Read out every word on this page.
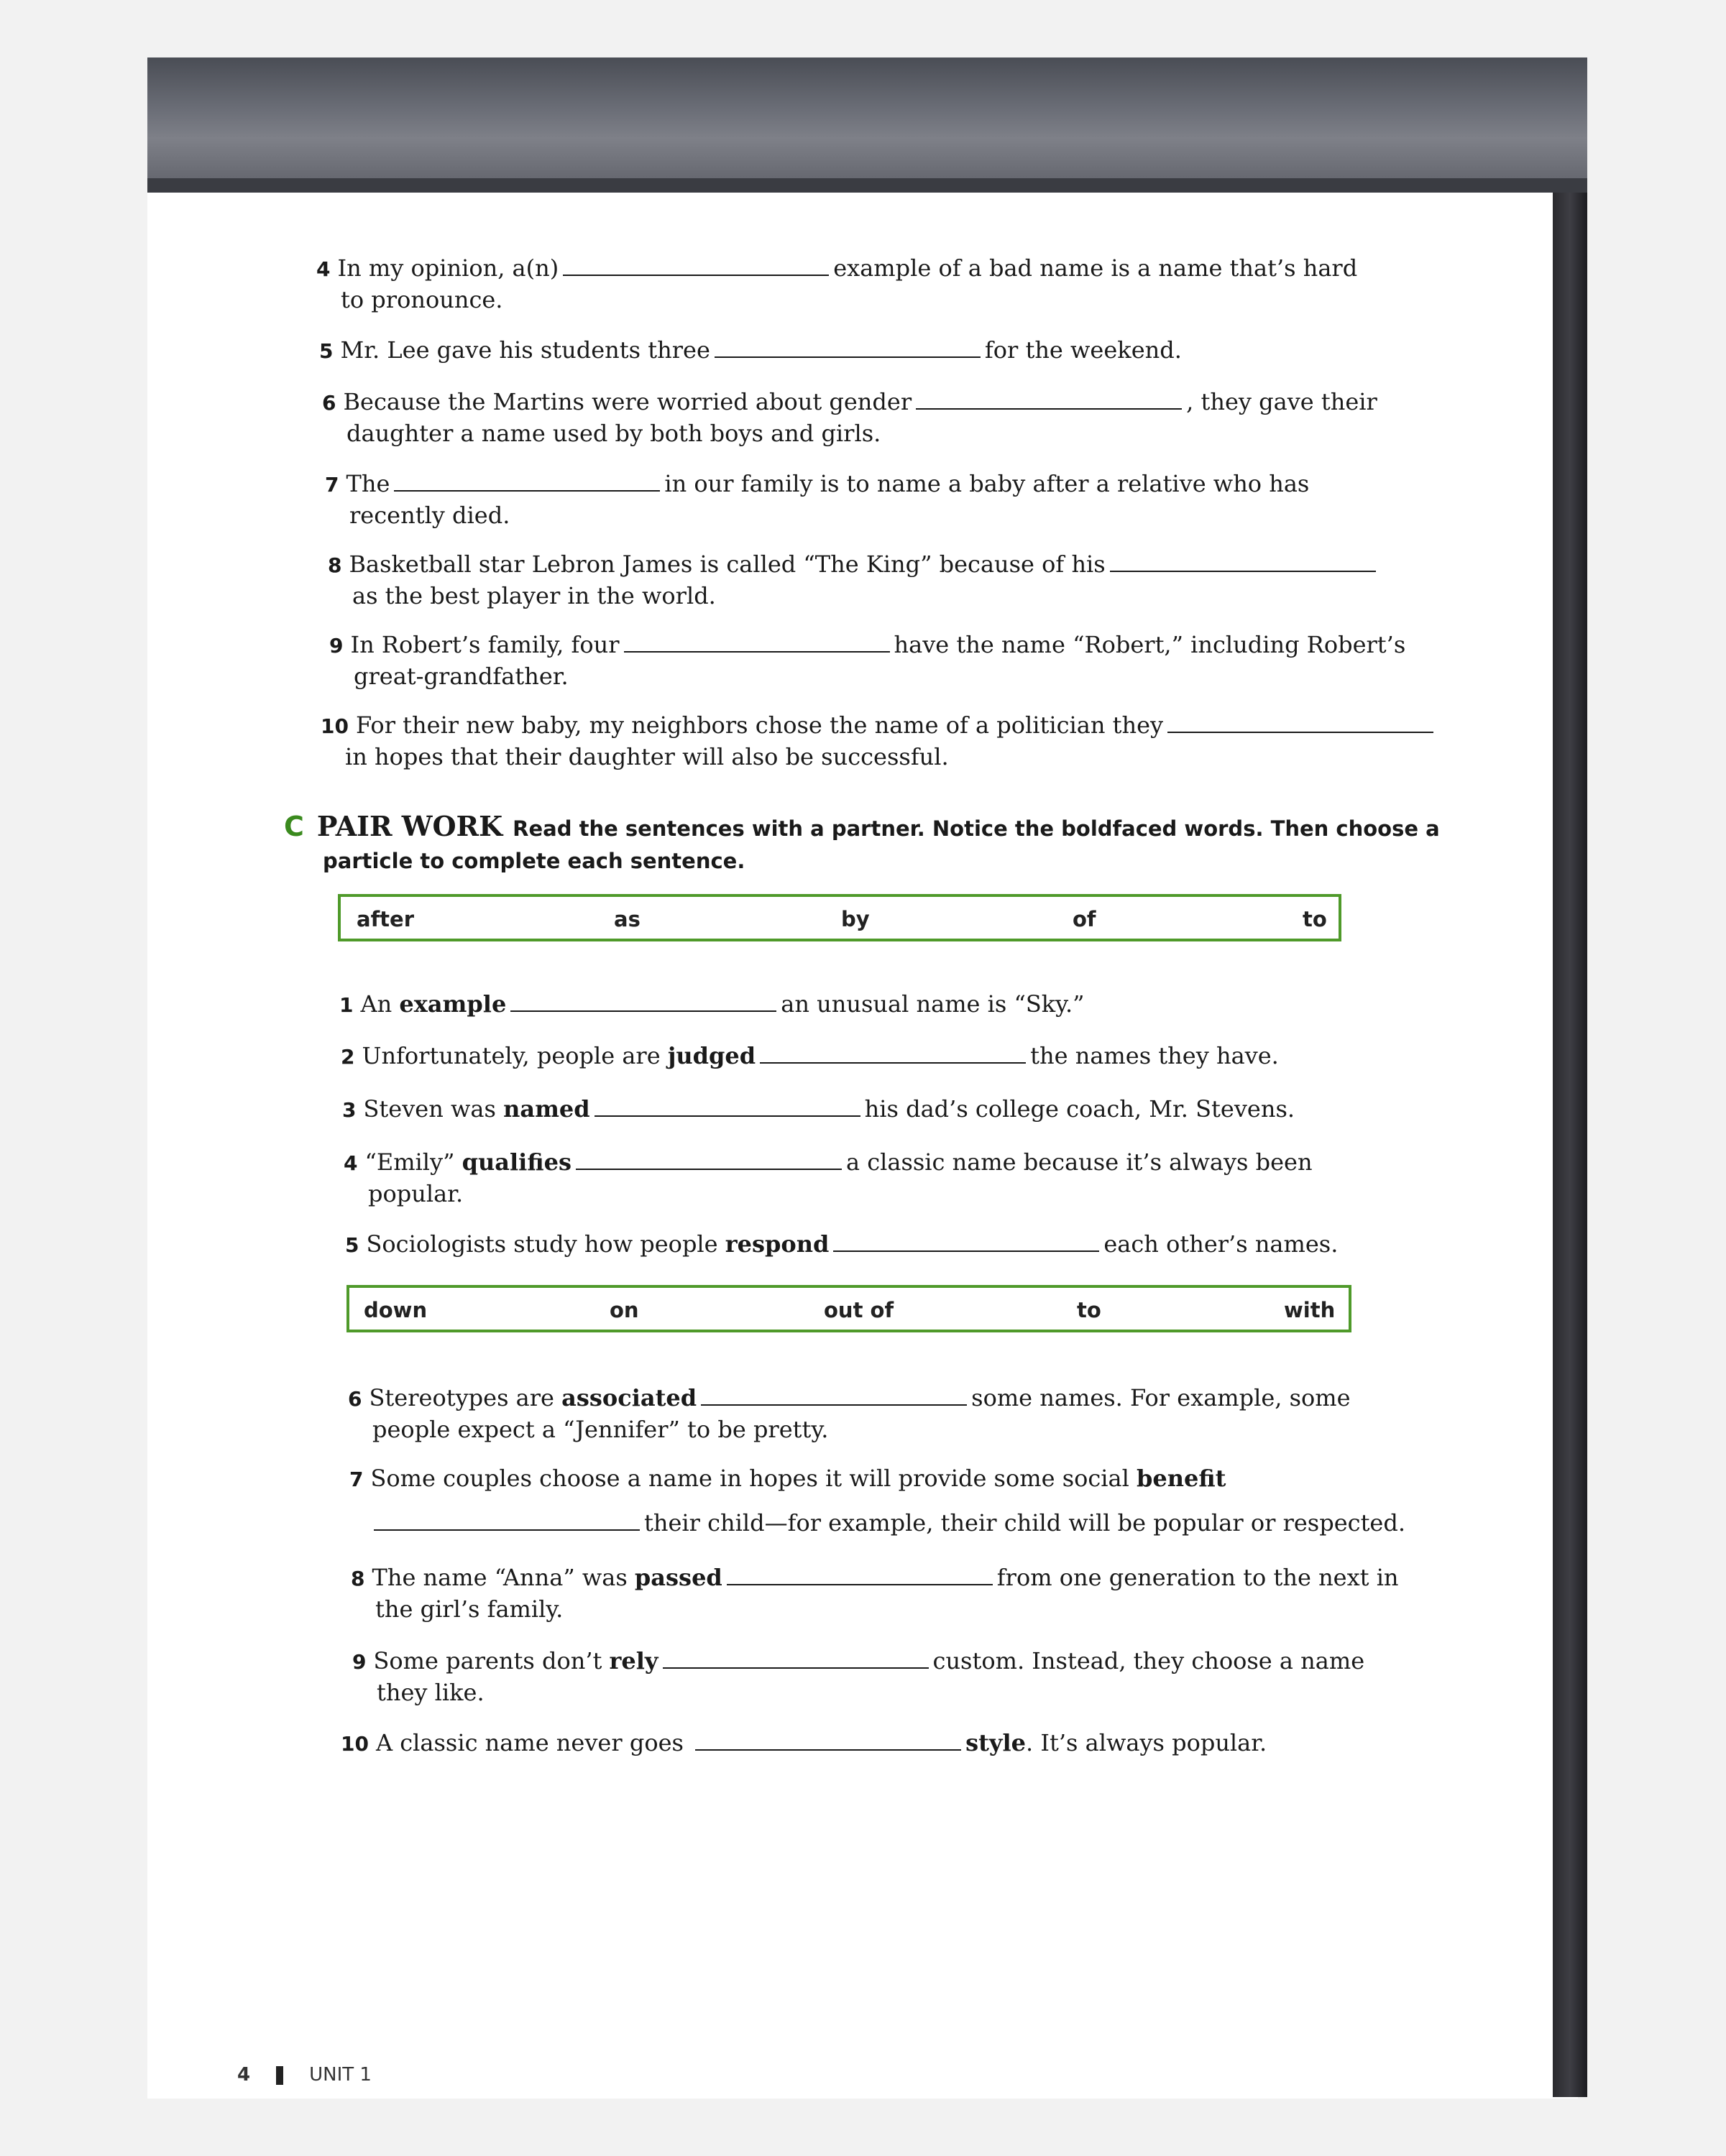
4 In my opinion, a(n)	example of a bad name is a name that’s hard
to pronounce.
5 Mr. Lee gave his students three	for the weekend.
6 Because the Martins were worried about gender	, they gave their
daughter a name used by both boys and girls.
7 The	in our family is to name a baby after a relative who has
recently died.
8 Basketball star Lebron James is called “The King” because of his
as the best player in the world.
9 In Robert’s family, four	have the name “Robert,” including Robert’s
great-grandfather.
10 For their new baby, my neighbors chose the name of a politician they
in hopes that their daughter will also be successful.
C PAIR WORK Read the sentences with a partner. Notice the boldfaced words. Then choose a
particle to complete each sentence.
after	as	by	of	to
1 An example	an unusual name is “Sky.”
2 Unfortunately, people are judged	the names they have.
3 Steven was named	his dad’s college coach, Mr. Stevens.
4 “Emily” qualifies	a classic name because it’s always been
popular.
5 Sociologists study how people respond	each other’s names.
down	on	out of	to	with
6 Stereotypes are associated	some names. For example, some
people expect a “Jennifer” to be pretty.
7 Some couples choose a name in hopes it will provide some social benefit

their child—for example, their child will be popular or respected.
8 The name “Anna” was passed	from one generation to the next in
the girl’s family.
9 Some parents don’t rely	custom. Instead, they choose a name
they like.
10 A classic name never goes	style. It’s always popular.
4	UNIT 1
